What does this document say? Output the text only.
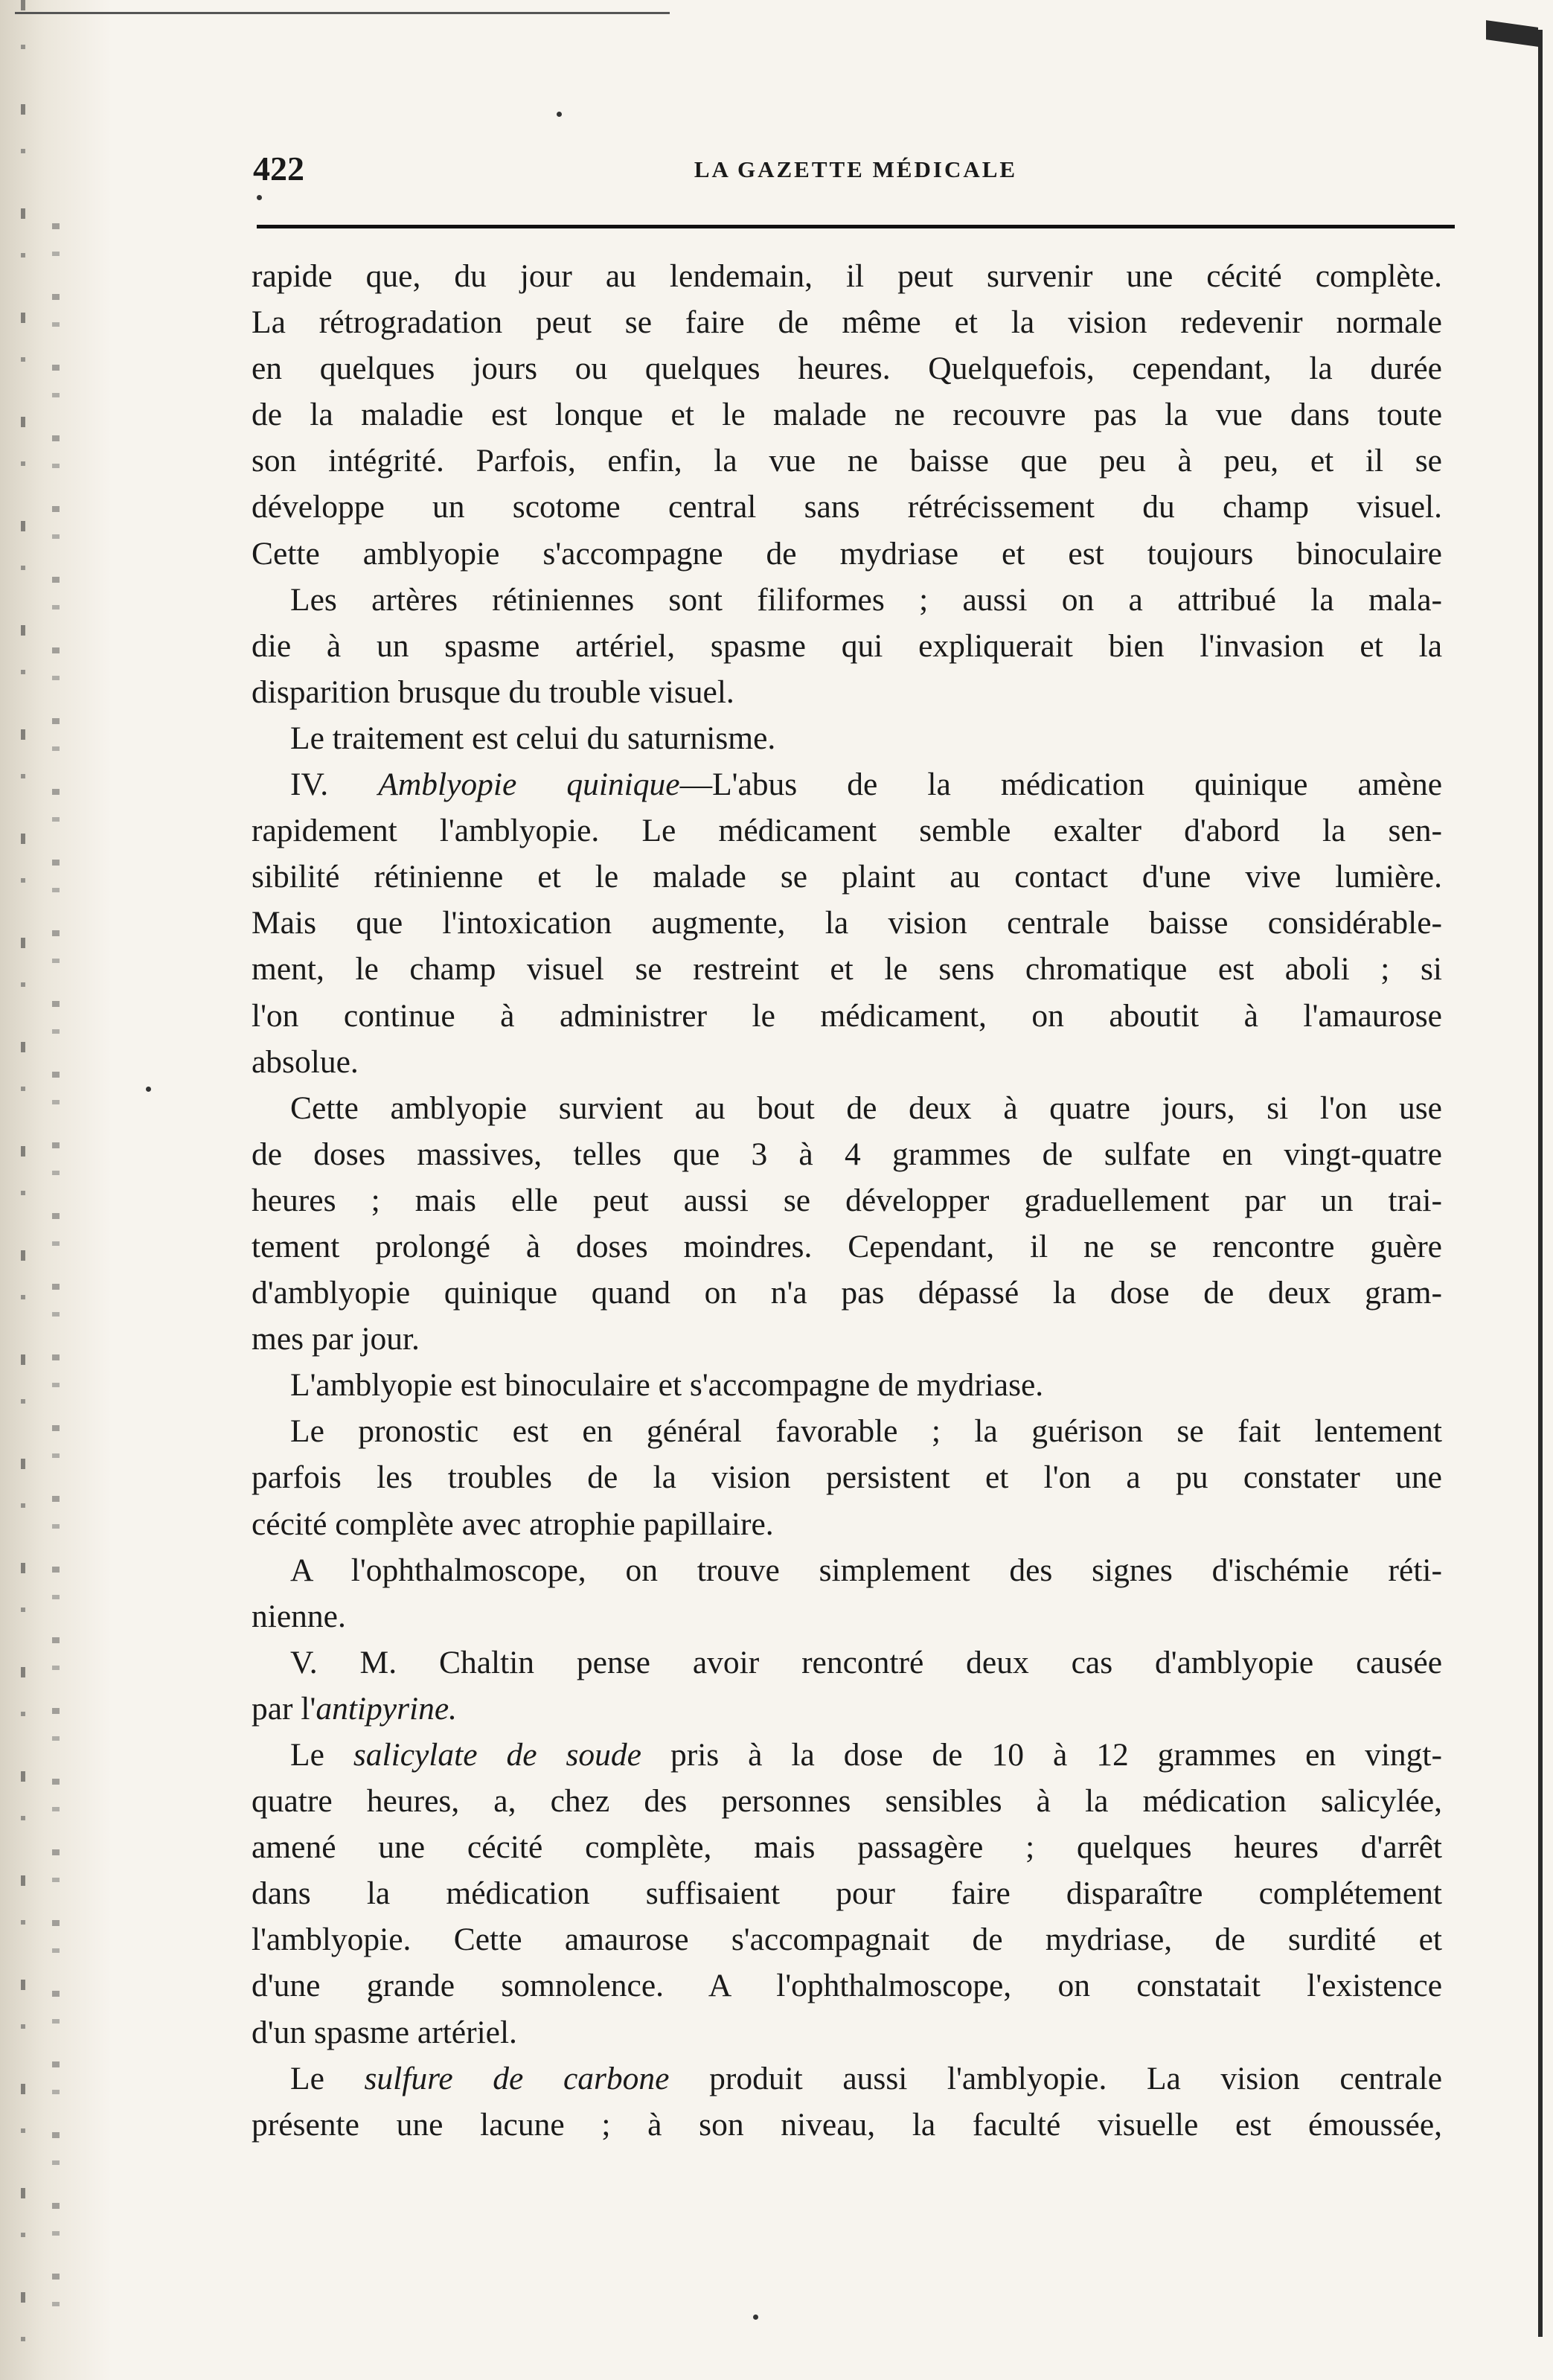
422	LA GAZETTE MÉDICALE

rapide que, du jour au lendemain, il peut survenir une cécité complète.

La rétrogradation peut se faire de même et la vision redevenir normale

en quelques jours ou quelques heures. Quelquefois, cependant, la durée

de la maladie est lonque et le malade ne recouvre pas la vue dans toute

son intégrité. Parfois, enfin, la vue ne baisse que peu à peu, et il se

développe un scotome central sans rétrécissement du champ visuel.

Cette amblyopie s'accompagne de mydriase et est toujours binoculaire

Les artères rétiniennes sont filiformes ; aussi on a attribué la mala-

die à un spasme artériel, spasme qui expliquerait bien l'invasion et la

disparition brusque du trouble visuel.

Le traitement est celui du saturnisme.

IV. Amblyopie quinique—L'abus de la médication quinique amène

rapidement l'amblyopie. Le médicament semble exalter d'abord la sen-

sibilité rétinienne et le malade se plaint au contact d'une vive lumière.

Mais que l'intoxication augmente, la vision centrale baisse considérable-

ment, le champ visuel se restreint et le sens chromatique est aboli ; si

l'on continue à administrer le médicament, on aboutit à l'amaurose

absolue.

Cette amblyopie survient au bout de deux à quatre jours, si l'on use

de doses massives, telles que 3 à 4 grammes de sulfate en vingt-quatre

heures ; mais elle peut aussi se développer graduellement par un trai-

tement prolongé à doses moindres. Cependant, il ne se rencontre guère

d'amblyopie quinique quand on n'a pas dépassé la dose de deux gram-

mes par jour.

L'amblyopie est binoculaire et s'accompagne de mydriase.

Le pronostic est en général favorable ; la guérison se fait lentement

parfois les troubles de la vision persistent et l'on a pu constater une

cécité complète avec atrophie papillaire.

A l'ophthalmoscope, on trouve simplement des signes d'ischémie réti-

nienne.

V. M. Chaltin pense avoir rencontré deux cas d'amblyopie causée

par l'antipyrine.

Le salicylate de soude pris à la dose de 10 à 12 grammes en vingt-

quatre heures, a, chez des personnes sensibles à la médication salicylée,

amené une cécité complète, mais passagère ; quelques heures d'arrêt

dans la médication suffisaient pour faire disparaître complétement

l'amblyopie. Cette amaurose s'accompagnait de mydriase, de surdité et

d'une grande somnolence. A l'ophthalmoscope, on constatait l'existence

d'un spasme artériel.

Le sulfure de carbone produit aussi l'amblyopie. La vision centrale

présente une lacune ; à son niveau, la faculté visuelle est émoussée,
